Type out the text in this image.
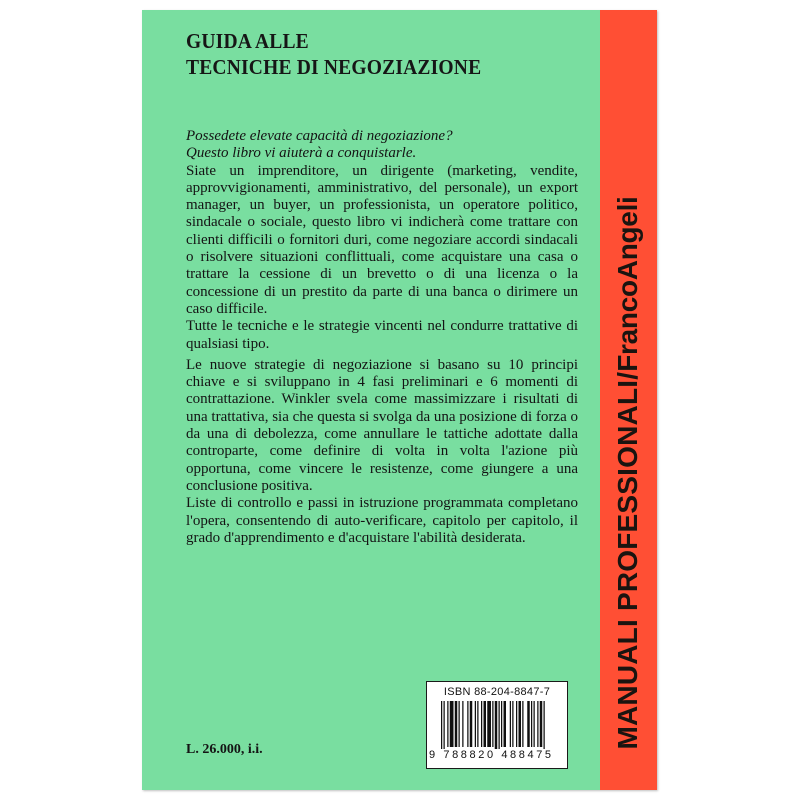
GUIDA ALLE
TECNICHE DI NEGOZIAZIONE

Possedete elevate capacità di negoziazione?

Questo libro vi aiuterà a conquistarle.

Siate un imprenditore, un dirigente (marketing, vendite, approvvigionamenti, amministrativo, del personale), un export manager, un buyer, un professionista, un operatore politico, sindacale o sociale, questo libro vi indicherà come trattare con clienti difficili o fornitori duri, come negoziare accordi sindacali o risolvere situazioni conflittuali, come acquistare una casa o trattare la cessione di un brevetto o di una licenza o la concessione di un prestito da parte di una banca o dirimere un caso difficile.

Tutte le tecniche e le strategie vincenti nel condurre trattative di qualsiasi tipo.

Le nuove strategie di negoziazione si basano su 10 principi chiave e si sviluppano in 4 fasi preliminari e 6 momenti di contrattazione. Winkler svela come massimizzare i risultati di una trattativa, sia che questa si svolga da una posizione di forza o da una di debolezza, come annullare le tattiche adottate dalla controparte, come definire di volta in volta l'azione più opportuna, come vincere le resistenze, come giungere a una conclusione positiva.

Liste di controllo e passi in istruzione programmata completano l'opera, consentendo di auto-verificare, capitolo per capitolo, il grado d'apprendimento e d'acquistare l'abilità desiderata.

L. 26.000, i.i.
ISBN 88-204-8847-7
9 788820 488475
MANUALI PROFESSIONALI/FrancoAngeli
